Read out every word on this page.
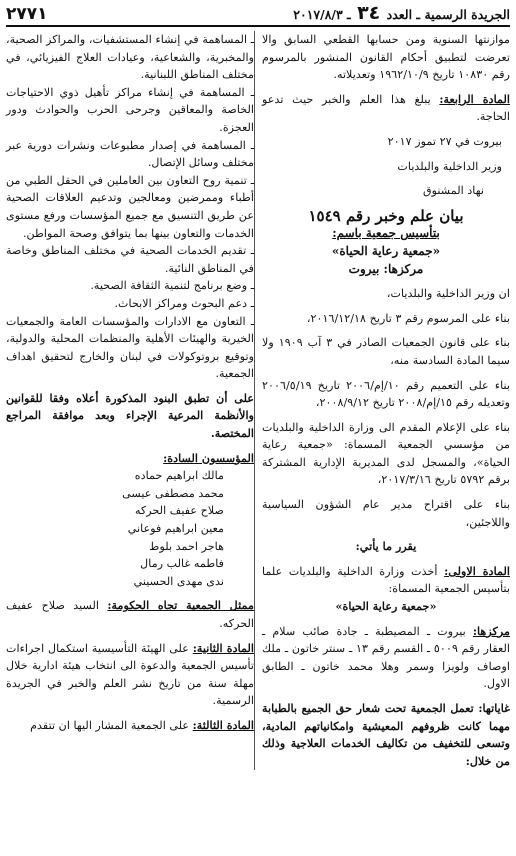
الجريدة الرسمية ـ العدد ٣٤ ـ ٢٠١٧/٨/٣
٢٧٧١

موازنتها السنوية ومن حسابها القطعي السابق والا تعرضت لتطبيق أحكام القانون المنشور بالمرسوم رقم ١٠٨٣٠ تاريخ ١٩٦٢/١٠/٩ وتعديلاته.

المادة الرابعة: يبلغ هذا العلم والخبر حيث تدعو الحاجة.

بيروت في ٢٧ تموز ٢٠١٧

وزير الداخلية والبلديات

نهاد المشنوق

بيان علم وخبر رقم ١٥٤٩

بتأسيس جمعية باسم:

«جمعية رعاية الحياة»

مركزها: بيروت

ان وزير الداخلية والبلديات،

بناء على المرسوم رقم ٣ تاريخ ٢٠١٦/١٢/١٨،

بناء على قانون الجمعيات الصادر في ٣ آب ١٩٠٩ ولا سيما المادة السادسة منه،

بناء على التعميم رقم ١٠/إم/٢٠٠٦ تاريخ ٢٠٠٦/٥/١٩ وتعديله رقم ١٥/إم/٢٠٠٨ تاريخ ٢٠٠٨/٩/١٢،

بناء على الإعلام المقدم الى وزارة الداخلية والبلديات من مؤسسي الجمعية المسماة: «جمعية رعاية الحياة»، والمسجل لدى المديرية الإدارية المشتركة برقم ٥٧٩٢ تاريخ ٢٠١٧/٣/١٦،

بناء على اقتراح مدير عام الشؤون السياسية واللاجئين،

يقرر ما يأتي:

المادة الاولى: أخذت وزارة الداخلية والبلديات علما بتأسيس الجمعية المسماة:

«جمعية رعاية الحياة»

مركزها: بيروت ـ المصيطبة ـ جادة صائب سلام ـ العقار رقم ٥٠٠٩ ـ القسم رقم ١٣ ـ سنتر خاتون ـ ملك اوصاف ولويزا وسمر وهلا محمد خاتون ـ الطابق الاول.

غاياتها: تعمل الجمعية تحت شعار حق الجميع بالطبابة مهما كانت ظروفهم المعيشية وامكانياتهم المادية، وتسعى للتخفيف من تكاليف الخدمات العلاجية وذلك من خلال:

ـ المساهمة في إنشاء المستشفيات، والمراكز الصحية، والمخبرية، والشعاعية، وعيادات العلاج الفيزيائي، في مختلف المناطق اللبنانية.

ـ المساهمة في إنشاء مراكز تأهيل ذوي الاحتياجات الخاصة والمعاقين وجرحى الحرب والحوادث ودور العجزة.

ـ المساهمة في إصدار مطبوعات ونشرات دورية عبر مختلف وسائل الإتصال.

ـ تنمية روح التعاون بين العاملين في الحقل الطبي من أطباء وممرضين ومعالجين وتدعيم العلاقات الصحية عن طريق التنسيق مع جميع المؤسسات ورفع مستوى الخدمات والتعاون بينها بما يتوافق وصحة المواطن.

ـ تقديم الخدمات الصحية في مختلف المناطق وخاصة في المناطق النائية.

ـ وضع برنامج لتنمية الثقافة الصحية.

ـ دعم البحوث ومراكز الابحاث.

ـ التعاون مع الادارات والمؤسسات العامة والجمعيات الخيرية والهيئات الأهلية والمنظمات المحلية والدولية، وتوقيع بروتوكولات في لبنان والخارج لتحقيق اهداف الجمعية.

على أن تطبق البنود المذكورة أعلاه وفقا للقوانين والأنظمة المرعية الإجراء وبعد موافقة المراجع المختصة.

المؤسسون السادة:

مالك ابراهيم حماده

محمد مصطفى عيسى

صلاح عفيف الحركه

معين ابراهيم فوعاني

هاجر احمد بلوط

فاطمه غالب رمال

ندى مهدى الحسيني

ممثل الجمعية تجاه الحكومة: السيد صلاح عفيف الحركه.

المادة الثانية: على الهيئة التأسيسية استكمال اجراءات تأسيس الجمعية والدعوة الى انتخاب هيئة ادارية خلال مهلة سنة من تاريخ نشر العلم والخبر في الجريدة الرسمية.

المادة الثالثة: على الجمعية المشار اليها ان تتقدم
